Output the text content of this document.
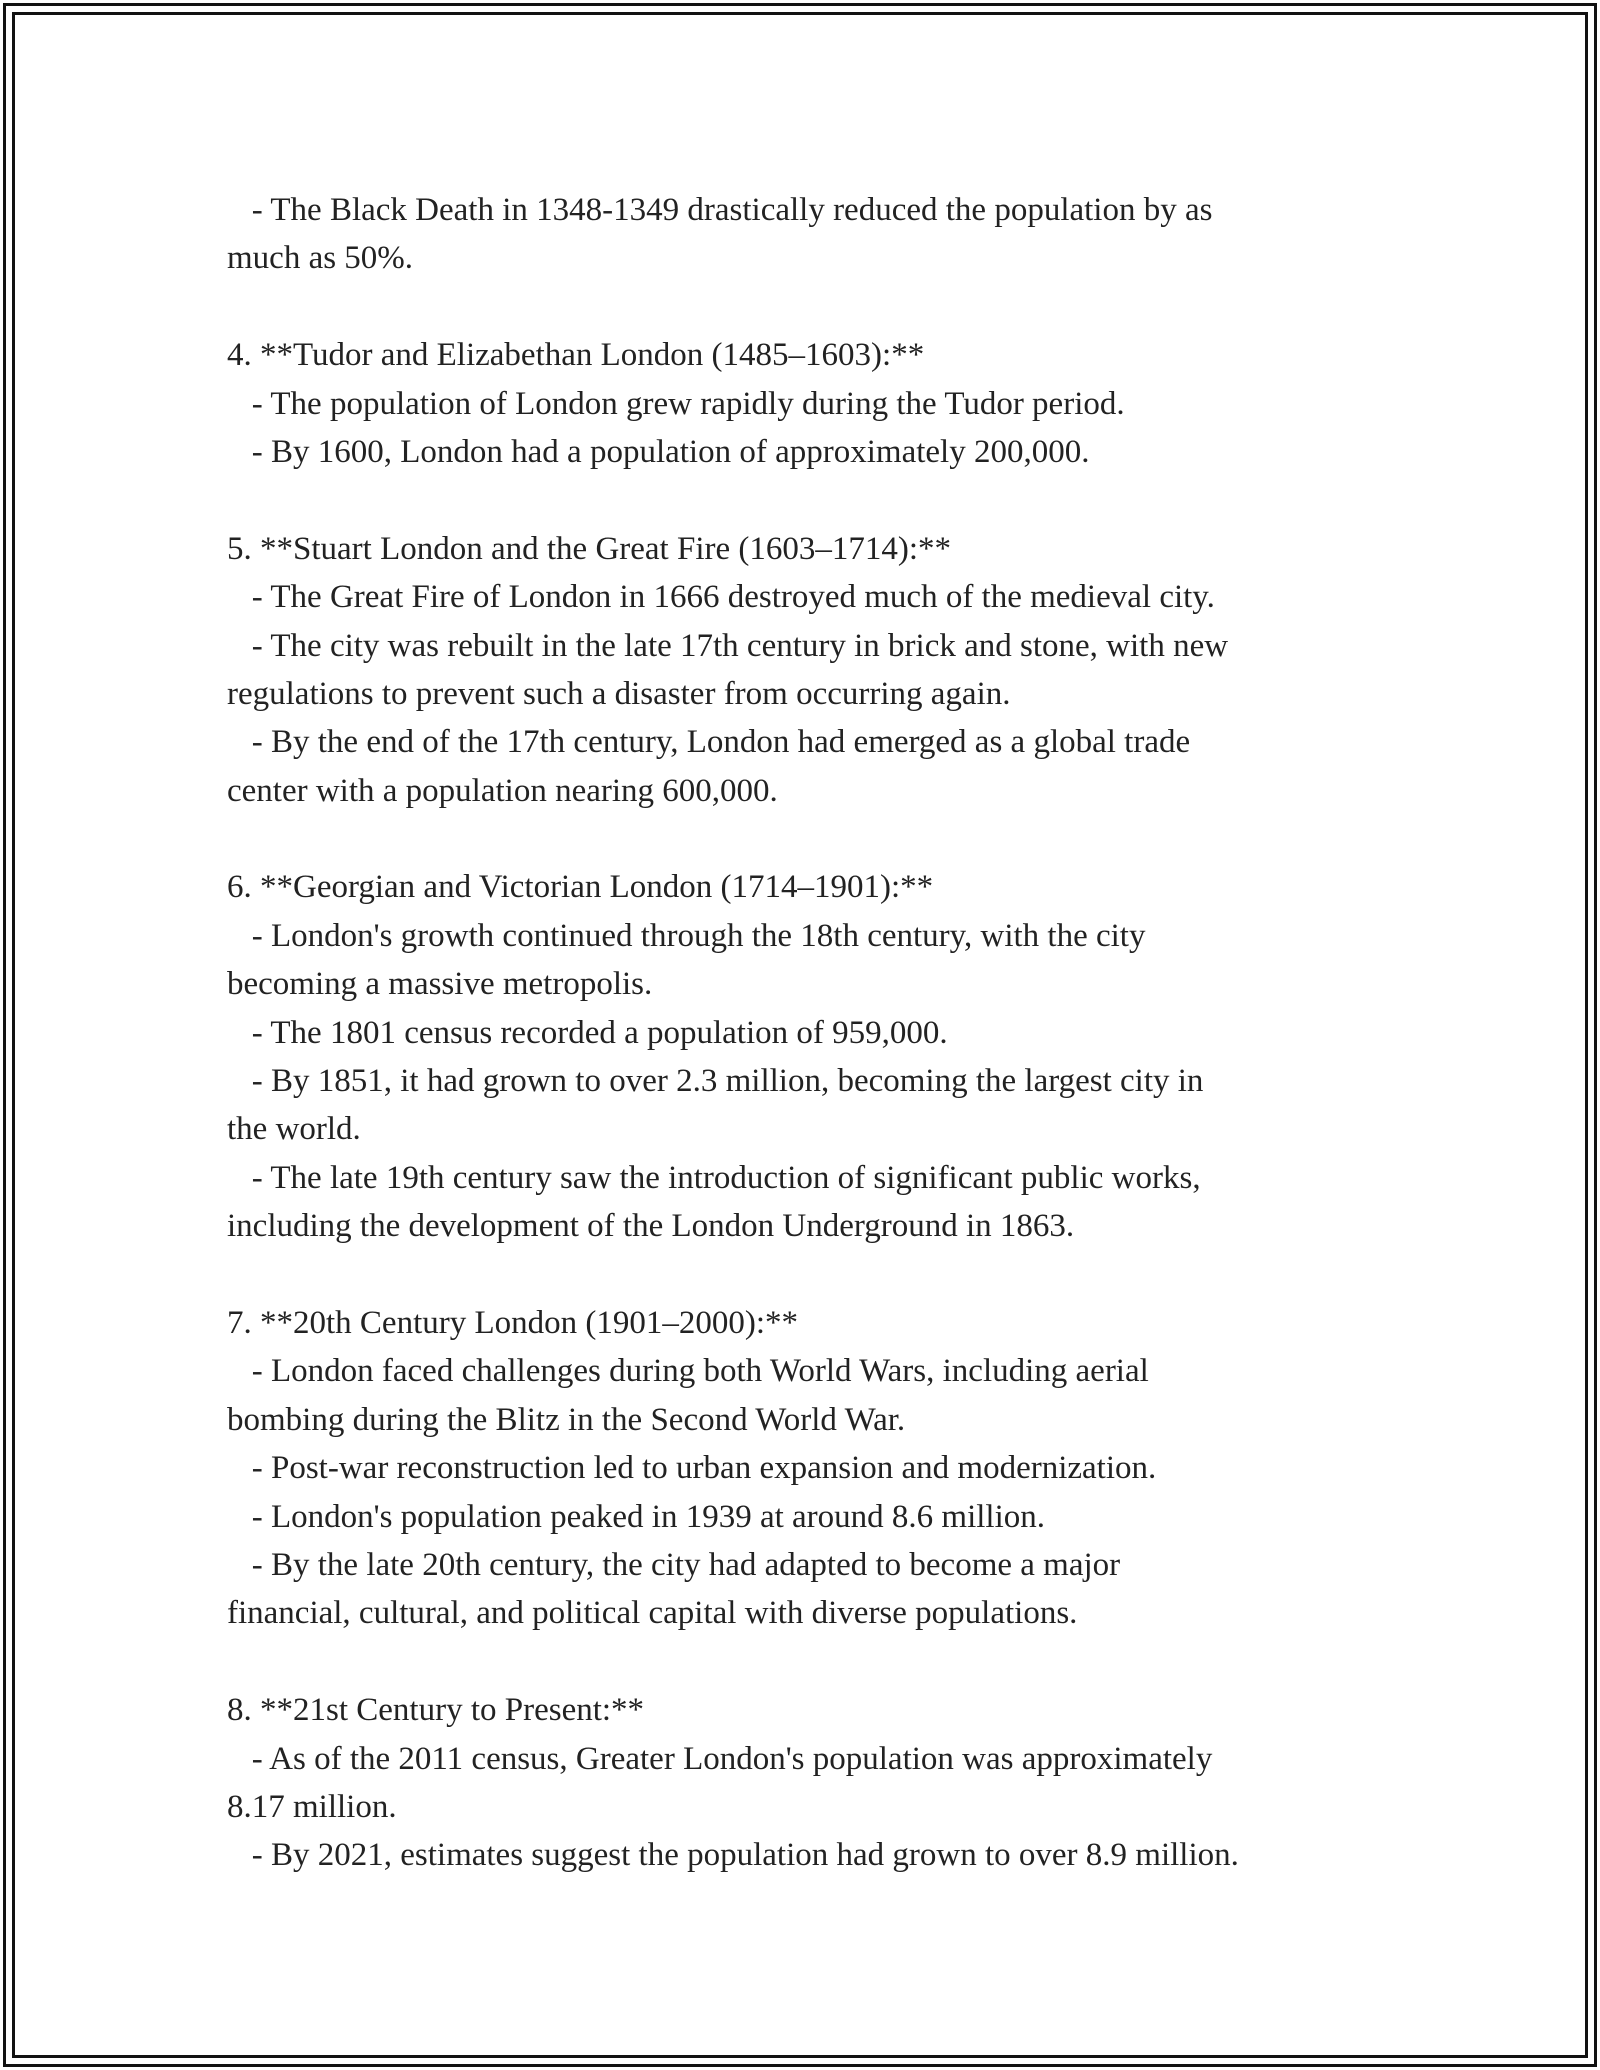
- The Black Death in 1348-1349 drastically reduced the population by as
much as 50%.
4. **Tudor and Elizabethan London (1485–1603):**
- The population of London grew rapidly during the Tudor period.
- By 1600, London had a population of approximately 200,000.
5. **Stuart London and the Great Fire (1603–1714):**
- The Great Fire of London in 1666 destroyed much of the medieval city.
- The city was rebuilt in the late 17th century in brick and stone, with new
regulations to prevent such a disaster from occurring again.
- By the end of the 17th century, London had emerged as a global trade
center with a population nearing 600,000.
6. **Georgian and Victorian London (1714–1901):**
- London's growth continued through the 18th century, with the city
becoming a massive metropolis.
- The 1801 census recorded a population of 959,000.
- By 1851, it had grown to over 2.3 million, becoming the largest city in
the world.
- The late 19th century saw the introduction of significant public works,
including the development of the London Underground in 1863.
7. **20th Century London (1901–2000):**
- London faced challenges during both World Wars, including aerial
bombing during the Blitz in the Second World War.
- Post-war reconstruction led to urban expansion and modernization.
- London's population peaked in 1939 at around 8.6 million.
- By the late 20th century, the city had adapted to become a major
financial, cultural, and political capital with diverse populations.
8. **21st Century to Present:**
- As of the 2011 census, Greater London's population was approximately
8.17 million.
- By 2021, estimates suggest the population had grown to over 8.9 million.
